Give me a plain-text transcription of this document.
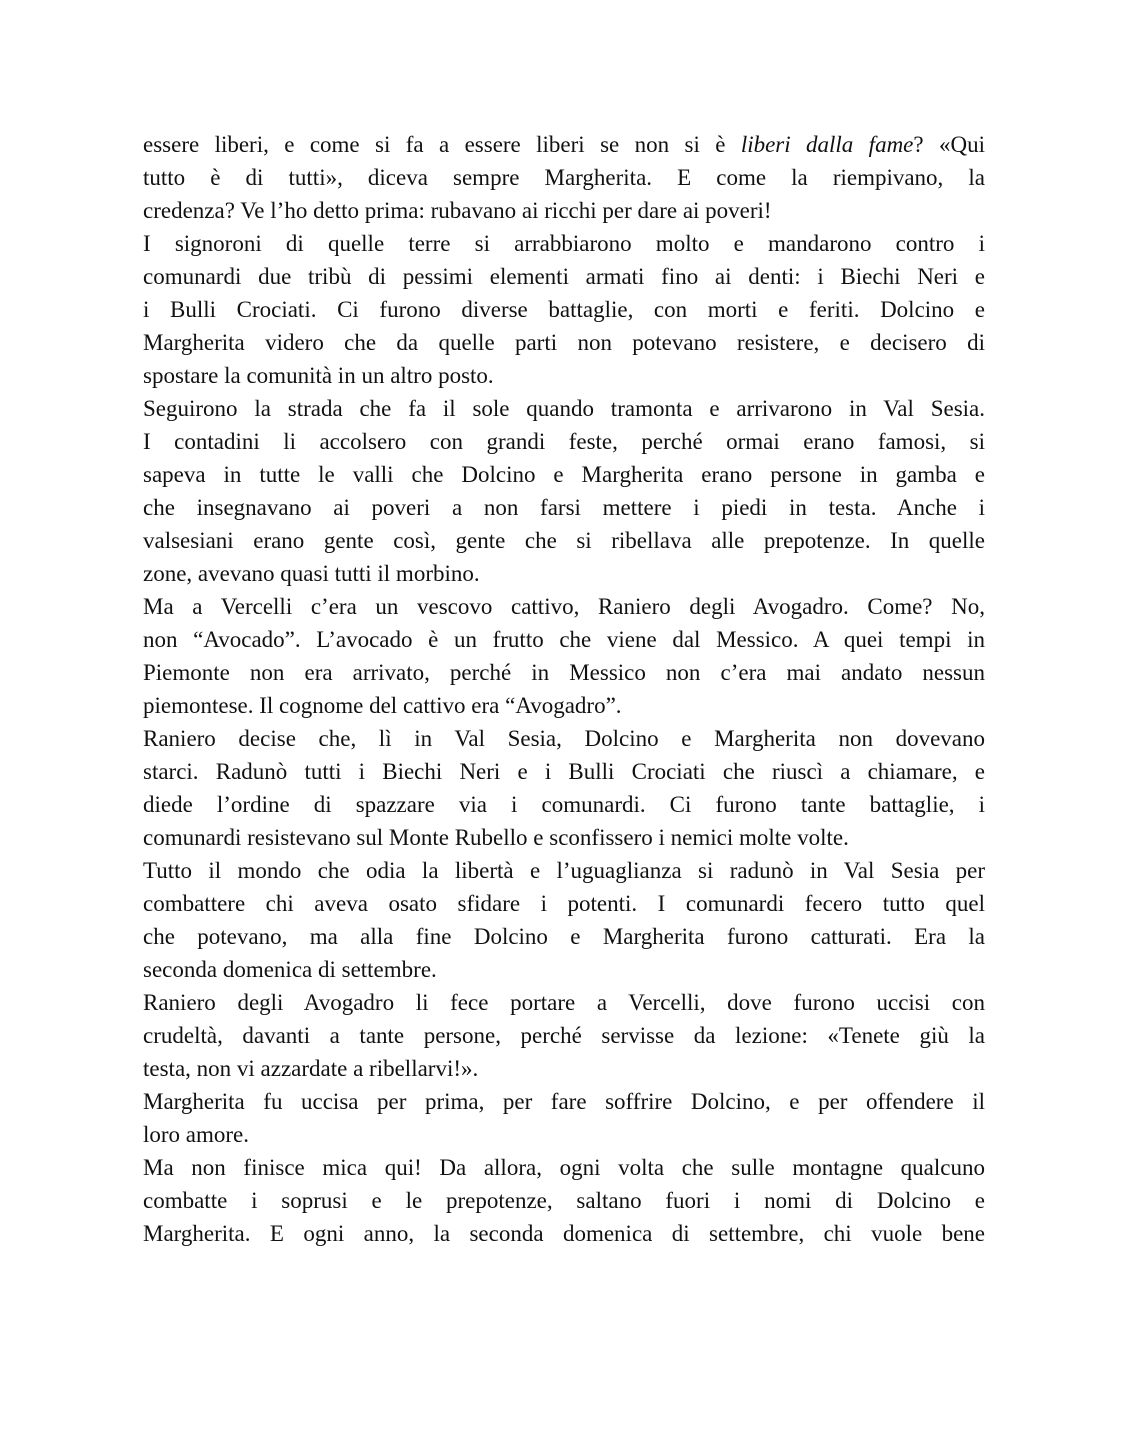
essere liberi, e come si fa a essere liberi se non si è liberi dalla fame? «Qui
tutto è di tutti», diceva sempre Margherita. E come la riempivano, la
credenza? Ve l’ho detto prima: rubavano ai ricchi per dare ai poveri!

I signoroni di quelle terre si arrabbiarono molto e mandarono contro i
comunardi due tribù di pessimi elementi armati fino ai denti: i Biechi Neri e
i Bulli Crociati. Ci furono diverse battaglie, con morti e feriti. Dolcino e
Margherita videro che da quelle parti non potevano resistere, e decisero di
spostare la comunità in un altro posto.

Seguirono la strada che fa il sole quando tramonta e arrivarono in Val Sesia.
I contadini li accolsero con grandi feste, perché ormai erano famosi, si
sapeva in tutte le valli che Dolcino e Margherita erano persone in gamba e
che insegnavano ai poveri a non farsi mettere i piedi in testa. Anche i
valsesiani erano gente così, gente che si ribellava alle prepotenze. In quelle
zone, avevano quasi tutti il morbino.

Ma a Vercelli c’era un vescovo cattivo, Raniero degli Avogadro. Come? No,
non “Avocado”. L’avocado è un frutto che viene dal Messico. A quei tempi in
Piemonte non era arrivato, perché in Messico non c’era mai andato nessun
piemontese. Il cognome del cattivo era “Avogadro”.

Raniero decise che, lì in Val Sesia, Dolcino e Margherita non dovevano
starci. Radunò tutti i Biechi Neri e i Bulli Crociati che riuscì a chiamare, e
diede l’ordine di spazzare via i comunardi. Ci furono tante battaglie, i
comunardi resistevano sul Monte Rubello e sconfissero i nemici molte volte.

Tutto il mondo che odia la libertà e l’uguaglianza si radunò in Val Sesia per
combattere chi aveva osato sfidare i potenti. I comunardi fecero tutto quel
che potevano, ma alla fine Dolcino e Margherita furono catturati. Era la
seconda domenica di settembre.

Raniero degli Avogadro li fece portare a Vercelli, dove furono uccisi con
crudeltà, davanti a tante persone, perché servisse da lezione: «Tenete giù la
testa, non vi azzardate a ribellarvi!».

Margherita fu uccisa per prima, per fare soffrire Dolcino, e per offendere il
loro amore.

Ma non finisce mica qui! Da allora, ogni volta che sulle montagne qualcuno
combatte i soprusi e le prepotenze, saltano fuori i nomi di Dolcino e
Margherita. E ogni anno, la seconda domenica di settembre, chi vuole bene
